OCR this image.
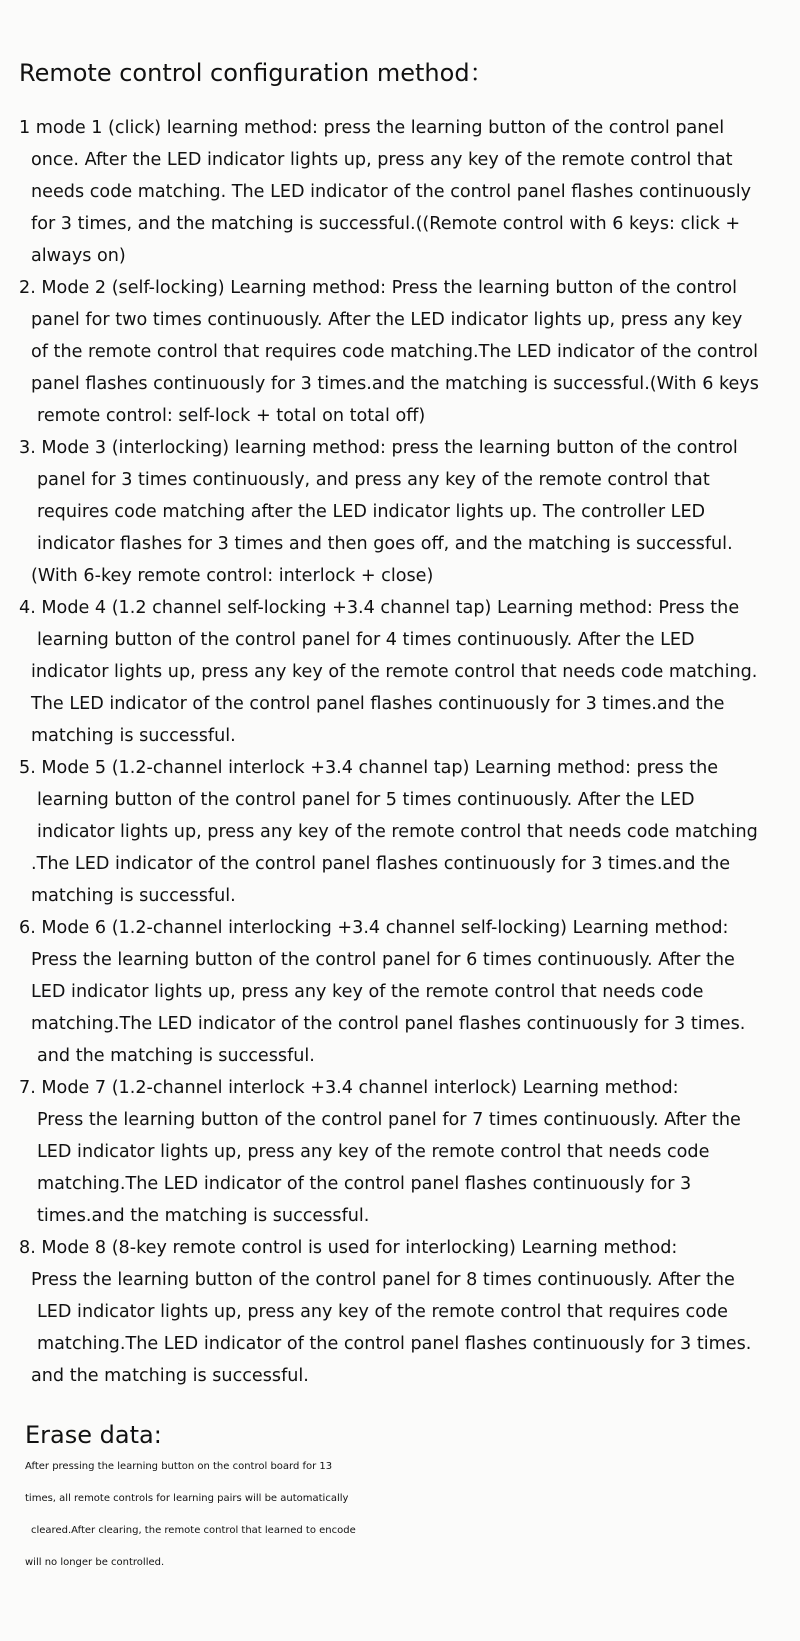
Remote control configuration method：
1 mode 1 (click) learning method: press the learning button of the control panel
once. After the LED indicator lights up, press any key of the remote control that
needs code matching. The LED indicator of the control panel flashes continuously
for 3 times, and the matching is successful.((Remote control with 6 keys: click +
always on)
2. Mode 2 (self-locking) Learning method: Press the learning button of the control
panel for two times continuously. After the LED indicator lights up, press any key
of the remote control that requires code matching.The LED indicator of the control
panel flashes continuously for 3 times.and the matching is successful.(With 6 keys
remote control: self-lock + total on total off)
3. Mode 3 (interlocking) learning method: press the learning button of the control
panel for 3 times continuously, and press any key of the remote control that
requires code matching after the LED indicator lights up. The controller LED
indicator flashes for 3 times and then goes off, and the matching is successful.
(With 6-key remote control: interlock + close)
4. Mode 4 (1.2 channel self-locking +3.4 channel tap) Learning method: Press the
learning button of the control panel for 4 times continuously. After the LED
indicator lights up, press any key of the remote control that needs code matching.
The LED indicator of the control panel flashes continuously for 3 times.and the
matching is successful.
5. Mode 5 (1.2-channel interlock +3.4 channel tap) Learning method: press the
learning button of the control panel for 5 times continuously. After the LED
indicator lights up, press any key of the remote control that needs code matching
.The LED indicator of the control panel flashes continuously for 3 times.and the
matching is successful.
6. Mode 6 (1.2-channel interlocking +3.4 channel self-locking) Learning method:
Press the learning button of the control panel for 6 times continuously. After the
LED indicator lights up, press any key of the remote control that needs code
matching.The LED indicator of the control panel flashes continuously for 3 times.
and the matching is successful.
7. Mode 7 (1.2-channel interlock +3.4 channel interlock) Learning method:
Press the learning button of the control panel for 7 times continuously. After the
LED indicator lights up, press any key of the remote control that needs code
matching.The LED indicator of the control panel flashes continuously for 3
times.and the matching is successful.
8. Mode 8 (8-key remote control is used for interlocking) Learning method:
Press the learning button of the control panel for 8 times continuously. After the
LED indicator lights up, press any key of the remote control that requires code
matching.The LED indicator of the control panel flashes continuously for 3 times.
and the matching is successful.
Erase data:
After pressing the learning button on the control board for 13
times, all remote controls for learning pairs will be automatically
cleared.After clearing, the remote control that learned to encode
will no longer be controlled.
